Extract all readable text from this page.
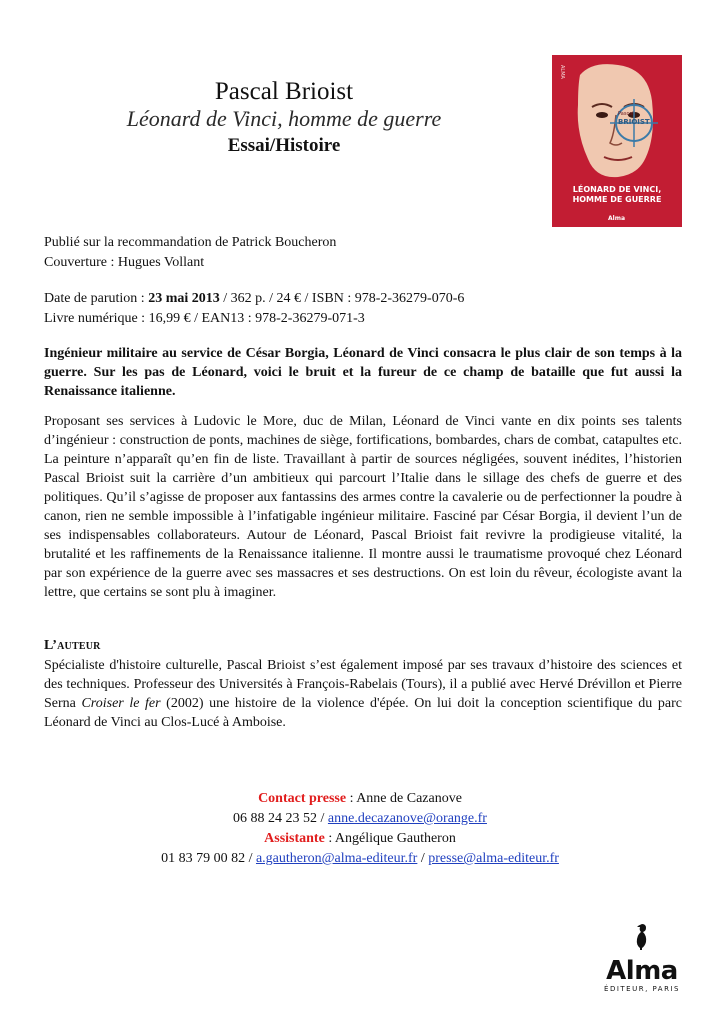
Pascal Brioist
Léonard de Vinci, homme de guerre
Essai/Histoire
ALMA
Pascal
BRIOIST
LÉONARD DE VINCI,
HOMME DE GUERRE
Alma
Publié sur la recommandation de Patrick Boucheron
Couverture : Hugues Vollant
Date de parution : 23 mai 2013 / 362 p. / 24 € / ISBN : 978-2-36279-070-6
Livre numérique : 16,99 € / EAN13 : 978-2-36279-071-3
Ingénieur militaire au service de César Borgia, Léonard de Vinci consacra le plus clair de son temps à la guerre. Sur les pas de Léonard, voici le bruit et la fureur de ce champ de bataille que fut aussi la Renaissance italienne.
Proposant ses services à Ludovic le More, duc de Milan, Léonard de Vinci vante en dix points ses talents d’ingénieur : construction de ponts, machines de siège, fortifications, bombardes, chars de combat, catapultes etc. La peinture n’apparaît qu’en fin de liste. Travaillant à partir de sources négligées, souvent inédites, l’historien Pascal Brioist suit la carrière d’un ambitieux qui parcourt l’Italie dans le sillage des chefs de guerre et des politiques. Qu’il s’agisse de proposer aux fantassins des armes contre la cavalerie ou de perfectionner la poudre à canon, rien ne semble impossible à l’infatigable ingénieur militaire. Fasciné par César Borgia, il devient l’un de ses indispensables collaborateurs. Autour de Léonard, Pascal Brioist fait revivre la prodigieuse vitalité, la brutalité et les raffinements de la Renaissance italienne. Il montre aussi le traumatisme provoqué chez Léonard par son expérience de la guerre avec ses massacres et ses destructions. On est loin du rêveur, écologiste avant la lettre, que certains se sont plu à imaginer.
L’auteur
Spécialiste d'histoire culturelle, Pascal Brioist s’est également imposé par ses travaux d’histoire des sciences et des techniques. Professeur des Universités à François-Rabelais (Tours), il a publié avec Hervé Drévillon et Pierre Serna Croiser le fer (2002) une histoire de la violence d'épée. On lui doit la conception scientifique du parc Léonard de Vinci au Clos-Lucé à Amboise.
Contact presse : Anne de Cazanove
06 88 24 23 52 / anne.decazanove@orange.fr
Assistante : Angélique Gautheron
01 83 79 00 82 / a.gautheron@alma-editeur.fr / presse@alma-editeur.fr
Alma
ÉDITEUR, PARIS
